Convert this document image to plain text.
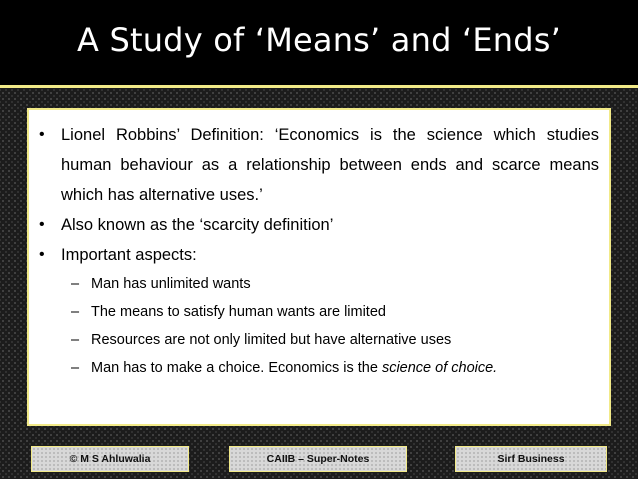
A Study of ‘Means’ and ‘Ends’
• Lionel Robbins’ Definition: ‘Economics is the science which studies human behaviour as a relationship between ends and scarce means which has alternative uses.’
• Also known as the ‘scarcity definition’
• Important aspects:
– Man has unlimited wants
– The means to satisfy human wants are limited
– Resources are not only limited but have alternative uses
– Man has to make a choice. Economics is the science of choice.
© M S Ahluwalia	CAIIB – Super-Notes	Sirf Business
